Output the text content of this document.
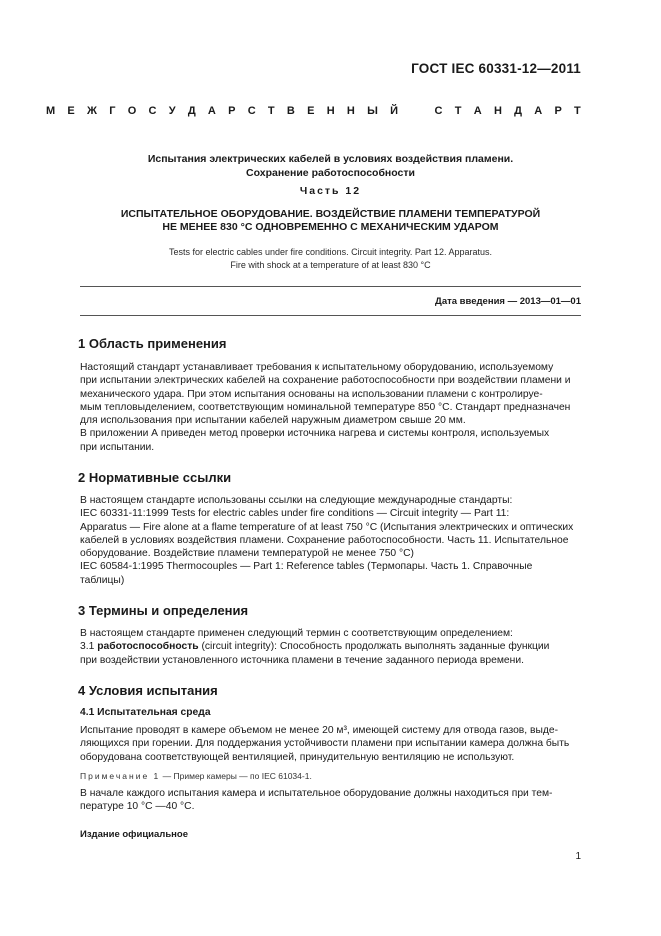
ГОСТ IEC 60331-12—2011
М Е Ж Г О С У Д А Р С Т В Е Н Н Ы Й	С Т А Н Д А Р Т
Испытания электрических кабелей в условиях воздействия пламени.
Сохранение работоспособности
Часть 12
ИСПЫТАТЕЛЬНОЕ ОБОРУДОВАНИЕ. ВОЗДЕЙСТВИЕ ПЛАМЕНИ ТЕМПЕРАТУРОЙ
НЕ МЕНЕЕ 830 °С ОДНОВРЕМЕННО С МЕХАНИЧЕСКИМ УДАРОМ
Tests for electric cables under fire conditions. Circuit integrity. Part 12. Apparatus.
Fire with shock at a temperature of at least 830 °C
Дата введения — 2013—01—01
1 Область применения
Настоящий стандарт устанавливает требования к испытательному оборудованию, используемому
при испытании электрических кабелей на сохранение работоспособности при воздействии пламени и
механического удара. При этом испытания основаны на использовании пламени с контролируе-
мым тепловыделением, соответствующим номинальной температуре 850 °С. Стандарт предназначен
для использования при испытании кабелей наружным диаметром свыше 20 мм.
В приложении А приведен метод проверки источника нагрева и системы контроля, используемых
при испытании.
2 Нормативные ссылки
В настоящем стандарте использованы ссылки на следующие международные стандарты:
IEC 60331-11:1999 Tests for electric cables under fire conditions — Circuit integrity — Part 11:
Apparatus — Fire alone at a flame temperature of at least 750 °C (Испытания электрических и оптических
кабелей в условиях воздействия пламени. Сохранение работоспособности. Часть 11. Испытательное
оборудование. Воздействие пламени температурой не менее 750 °С)
IEC 60584-1:1995 Thermocouples — Part 1: Reference tables (Термопары. Часть 1. Справочные
таблицы)
3 Термины и определения
В настоящем стандарте применен следующий термин с соответствующим определением:
3.1 работоспособность (circuit integrity): Способность продолжать выполнять заданные функции
при воздействии установленного источника пламени в течение заданного периода времени.
4 Условия испытания
4.1 Испытательная среда
Испытание проводят в камере объемом не менее 20 м³, имеющей систему для отвода газов, выде-
ляющихся при горении. Для поддержания устойчивости пламени при испытании камера должна быть
оборудована соответствующей вентиляцией, принудительную вентиляцию не используют.
Примечание 1 — Пример камеры — по IEC 61034-1.
В начале каждого испытания камера и испытательное оборудование должны находиться при тем-
пературе 10 °С —40 °С.
Издание официальное
1
